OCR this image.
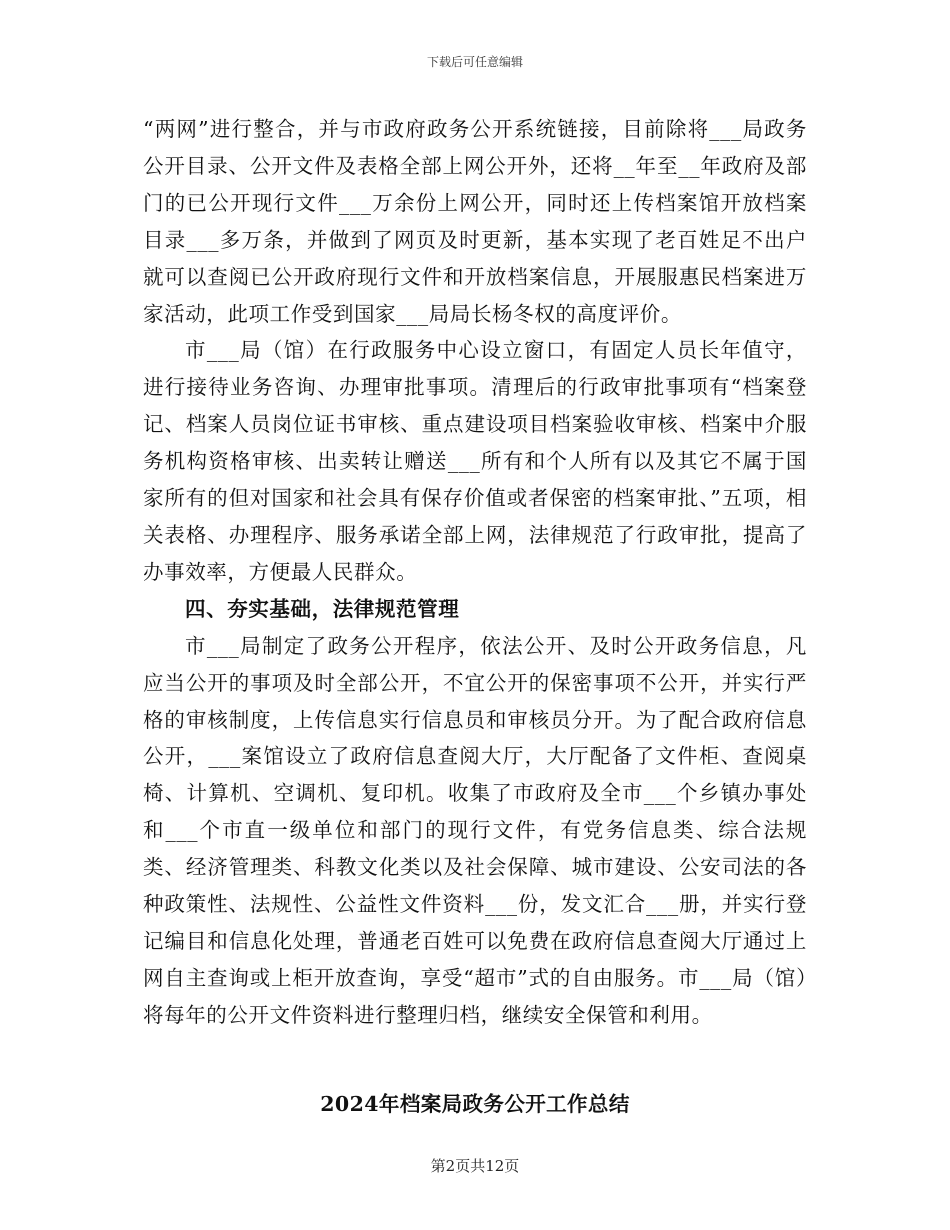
下载后可任意编辑

“两网”进行整合，并与市政府政务公开系统链接，目前除将___局政务公开目录、公开文件及表格全部上网公开外，还将__年至__年政府及部门的已公开现行文件___万余份上网公开，同时还上传档案馆开放档案目录___多万条，并做到了网页及时更新，基本实现了老百姓足不出户就可以查阅已公开政府现行文件和开放档案信息，开展服惠民档案进万家活动，此项工作受到国家___局局长杨冬权的高度评价。

市___局（馆）在行政服务中心设立窗口，有固定人员长年值守，进行接待业务咨询、办理审批事项。清理后的行政审批事项有“档案登记、档案人员岗位证书审核、重点建设项目档案验收审核、档案中介服务机构资格审核、出卖转让赠送___所有和个人所有以及其它不属于国家所有的但对国家和社会具有保存价值或者保密的档案审批、”五项，相关表格、办理程序、服务承诺全部上网，法律规范了行政审批，提高了办事效率，方便最人民群众。

四、夯实基础，法律规范管理

市___局制定了政务公开程序，依法公开、及时公开政务信息，凡应当公开的事项及时全部公开，不宜公开的保密事项不公开，并实行严格的审核制度，上传信息实行信息员和审核员分开。为了配合政府信息公开，___案馆设立了政府信息查阅大厅，大厅配备了文件柜、查阅桌椅、计算机、空调机、复印机。收集了市政府及全市___个乡镇办事处和___个市直一级单位和部门的现行文件，有党务信息类、综合法规类、经济管理类、科教文化类以及社会保障、城市建设、公安司法的各种政策性、法规性、公益性文件资料___份，发文汇合___册，并实行登记编目和信息化处理，普通老百姓可以免费在政府信息查阅大厅通过上网自主查询或上柜开放查询，享受“超市”式的自由服务。市___局（馆）将每年的公开文件资料进行整理归档，继续安全保管和利用。

2024年档案局政务公开工作总结
第2页共12页
